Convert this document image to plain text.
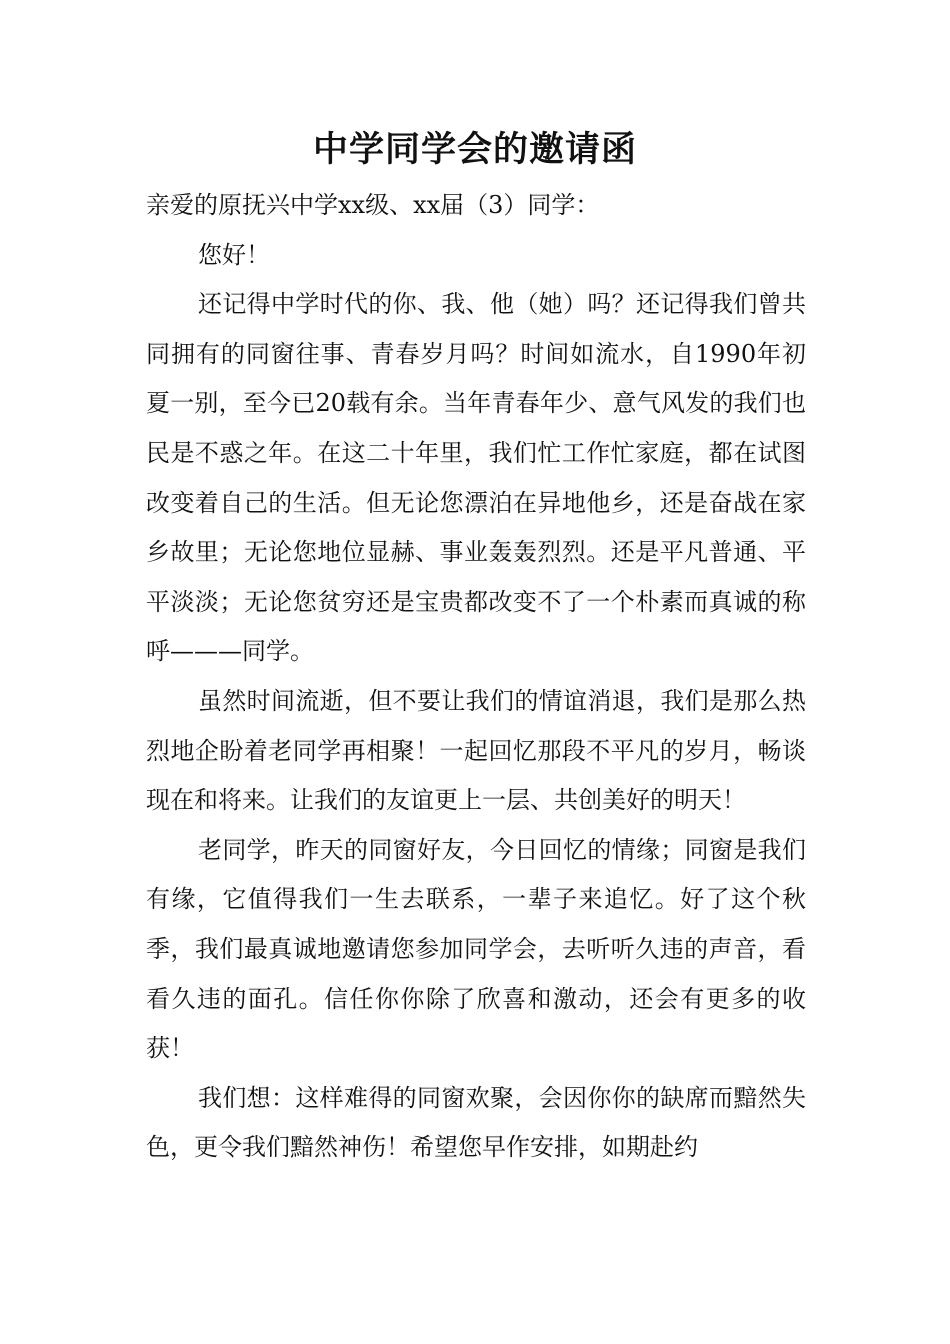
中学同学会的邀请函

亲爱的原抚兴中学xx级、xx届（3）同学：

您好！

还记得中学时代的你、我、他（她）吗？还记得我们曾共同拥有的同窗往事、青春岁月吗？时间如流水，自1990年初夏一别，至今已20载有余。当年青春年少、意气风发的我们也民是不惑之年。在这二十年里，我们忙工作忙家庭，都在试图改变着自己的生活。但无论您漂泊在异地他乡，还是奋战在家乡故里；无论您地位显赫、事业轰轰烈烈。还是平凡普通、平平淡淡；无论您贫穷还是宝贵都改变不了一个朴素而真诚的称呼———同学。

虽然时间流逝，但不要让我们的情谊消退，我们是那么热烈地企盼着老同学再相聚！一起回忆那段不平凡的岁月，畅谈现在和将来。让我们的友谊更上一层、共创美好的明天！

老同学，昨天的同窗好友，今日回忆的情缘；同窗是我们有缘，它值得我们一生去联系，一辈子来追忆。好了这个秋季，我们最真诚地邀请您参加同学会，去听听久违的声音，看看久违的面孔。信任你你除了欣喜和激动，还会有更多的收获！

我们想：这样难得的同窗欢聚，会因你你的缺席而黯然失色，更令我们黯然神伤！希望您早作安排，如期赴约
